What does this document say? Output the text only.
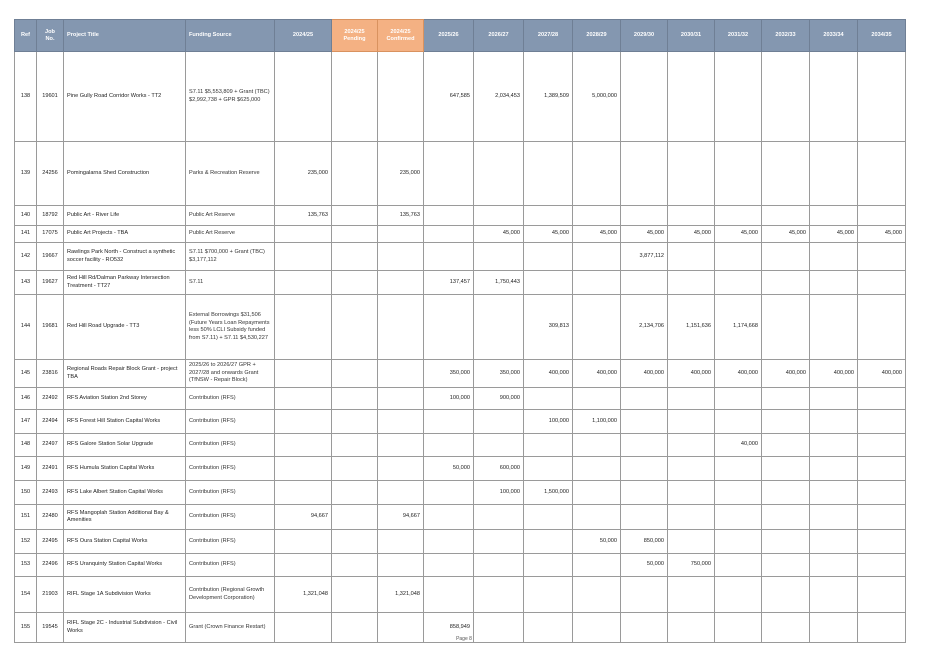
Ref	Job No.	Project Title	Funding Source	2024/25	2024/25
Pending	2024/25
Confirmed	2025/26	2026/27	2027/28	2028/29	2029/30	2030/31	2031/32	2032/33	2033/34	2034/35
138	19601	Pine Gully Road Corridor Works - TT2	S7.11 $5,553,809 + Grant (TBC) $2,992,738 + GPR $625,000				647,585	2,034,453	1,389,509	5,000,000						
139	24256	Pomingalarna Shed Construction	Parks & Recreation Reserve	235,000		235,000										
140	18792	Public Art - River Life	Public Art Reserve	135,763		135,763										
141	17075	Public Art Projects - TBA	Public Art Reserve					45,000	45,000	45,000	45,000	45,000	45,000	45,000	45,000	45,000
142	19667	Rawlings Park North - Construct a synthetic soccer facility - RO532	S7.11 $700,000 + Grant (TBC) $3,177,112								3,877,112					
143	19627	Red Hill Rd/Dalman Parkway Intersection Treatment - TT27	S7.11				137,457	1,750,443								
144	19681	Red Hill Road Upgrade - TT3	External Borrowings $31,506 (Future Years Loan Repayments less 50% LCLI Subsidy funded from S7.11) + S7.11 $4,530,227						309,813		2,134,706	1,151,636	1,174,668			
145	23816	Regional Roads Repair Block Grant - project TBA	2025/26 to 2026/27 GPR + 2027/28 and onwards Grant (TfNSW - Repair Block)				350,000	350,000	400,000	400,000	400,000	400,000	400,000	400,000	400,000	400,000
146	22492	RFS Aviation Station 2nd Storey	Contribution (RFS)				100,000	900,000								
147	22494	RFS Forest Hill Station Capital Works	Contribution (RFS)						100,000	1,100,000						
148	22497	RFS Galore Station Solar Upgrade	Contribution (RFS)										40,000			
149	22491	RFS Humula Station Capital Works	Contribution (RFS)				50,000	600,000								
150	22493	RFS Lake Albert Station Capital Works	Contribution (RFS)					100,000	1,500,000							
151	22480	RFS Mangoplah Station Additional Bay & Amenities	Contribution (RFS)	94,667		94,667										
152	22495	RFS Oura Station Capital Works	Contribution (RFS)							50,000	850,000					
153	22496	RFS Uranquinty Station Capital Works	Contribution (RFS)								50,000	750,000				
154	21903	RIFL Stage 1A Subdivision Works	Contribution (Regional Growth Development Corporation)	1,321,048		1,321,048										
155	19545	RIFL Stage 2C - Industrial Subdivision - Civil Works	Grant (Crown Finance Restart)				858,949									
Page 8
